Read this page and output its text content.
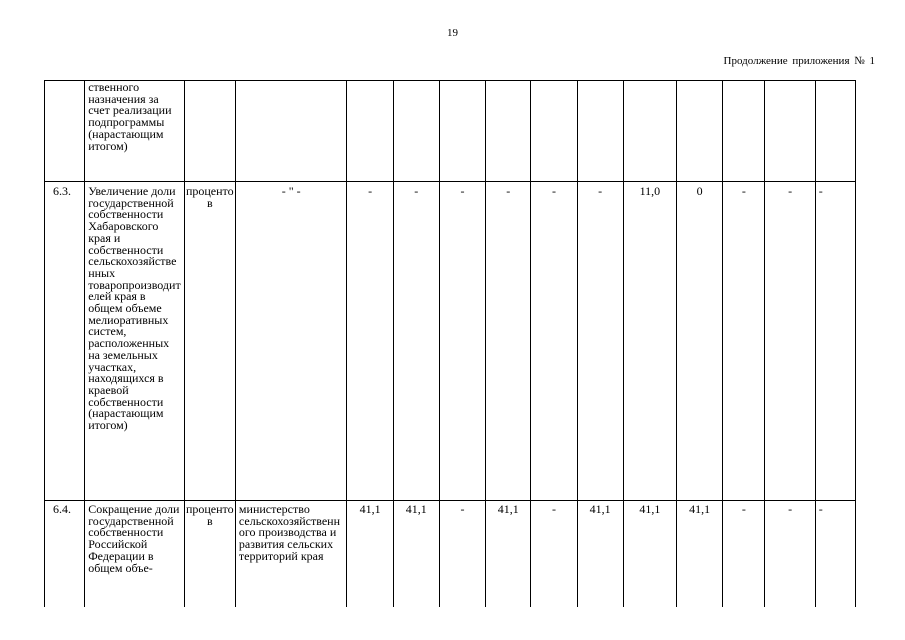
19
Продолжение приложения № 1
	ственного назначения за счет реализации подпрограммы (нарастающим итогом)													
6.3.	Увеличение доли государственной собственности Хабаровского края и собственности сельскохозяйственных товаропроизводителей края в общем объеме мелиоративных систем, расположенных на земельных участках, находящихся в краевой собственности (нарастающим итогом)	процентов	- " -	-	-	-	-	-	-	11,0	0	-	-	-
6.4.	Сокращение доли государственной собственности Российской Федерации в общем объе-	процентов	министерство сельскохозяйственного производства и развития сельских территорий края	41,1	41,1	-	41,1	-	41,1	41,1	41,1	-	-	-
